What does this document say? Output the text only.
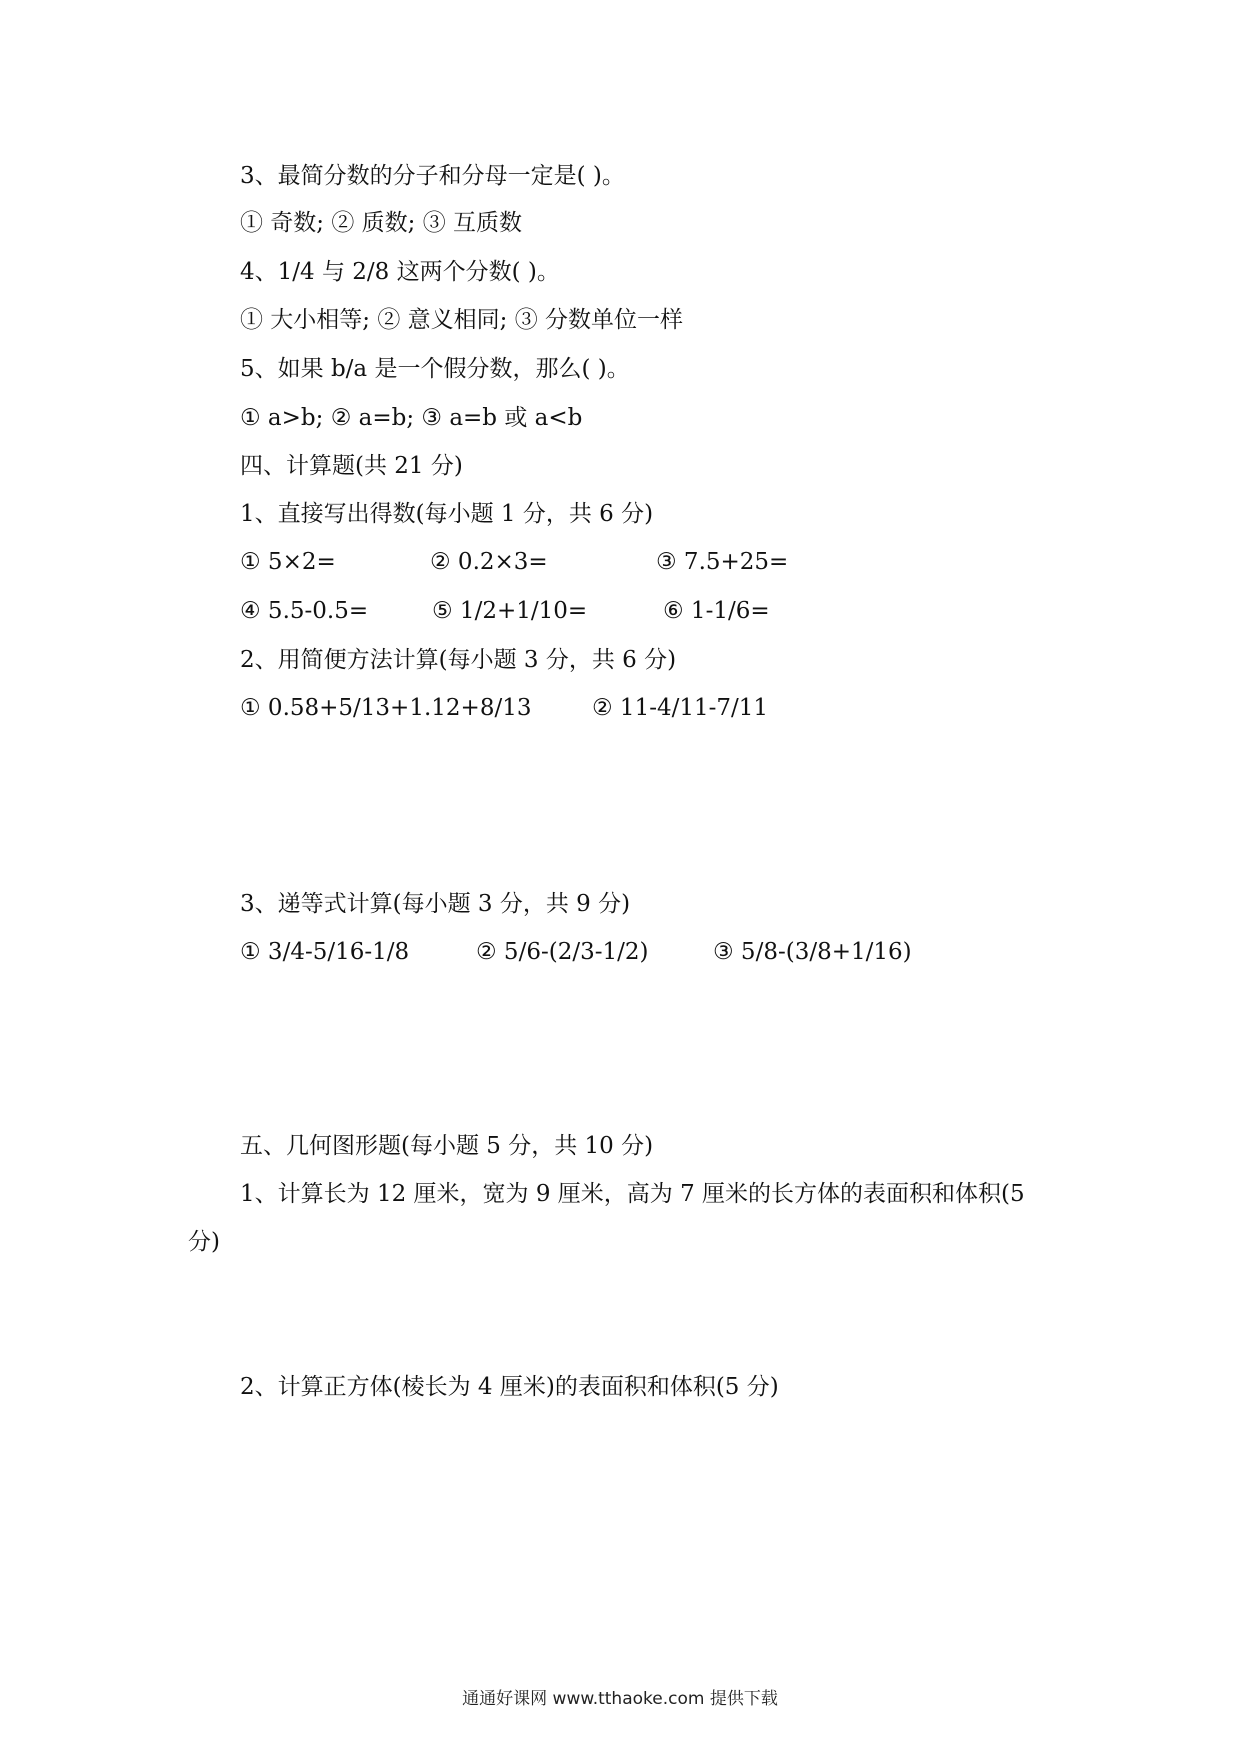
3、最简分数的分子和分母一定是( )。
① 奇数; ② 质数; ③ 互质数
4、1/4 与 2/8 这两个分数( )。
① 大小相等; ② 意义相同; ③ 分数单位一样
5、如果 b/a 是一个假分数，那么( )。
① a>b; ② a=b; ③ a=b 或 a<b
四、计算题(共 21 分)
1、直接写出得数(每小题 1 分，共 6 分)
① 5×2=	② 0.2×3=	③ 7.5+25=
④ 5.5-0.5=	⑤ 1/2+1/10=	⑥ 1-1/6=
2、用简便方法计算(每小题 3 分，共 6 分)
① 0.58+5/13+1.12+8/13	② 11-4/11-7/11
3、递等式计算(每小题 3 分，共 9 分)
① 3/4-5/16-1/8	② 5/6-(2/3-1/2)	③ 5/8-(3/8+1/16)
五、几何图形题(每小题 5 分，共 10 分)
1、计算长为 12 厘米，宽为 9 厘米，高为 7 厘米的长方体的表面积和体积(5
分)
2、计算正方体(棱长为 4 厘米)的表面积和体积(5 分)
通通好课网 www.tthaoke.com 提供下载
